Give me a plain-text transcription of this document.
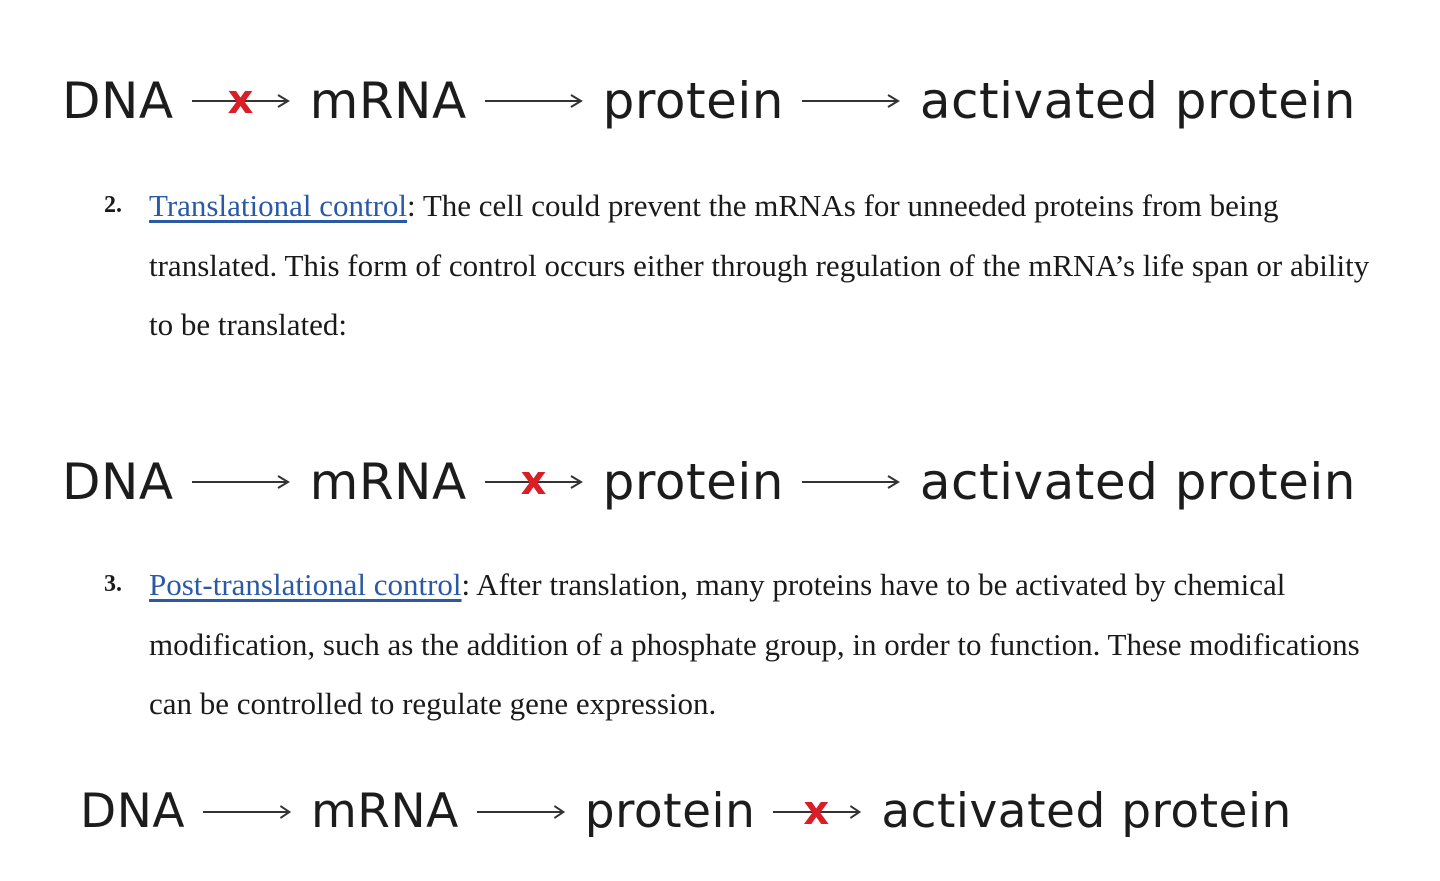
DNA x mRNA	protein	activated protein
2. Translational control: The cell could prevent the mRNAs for unneeded proteins from being translated. This form of control occurs either through regulation of the mRNA’s life span or ability to be translated:
DNA	mRNA x protein	activated protein
3. Post-translational control: After translation, many proteins have to be activated by chemical modification, such as the addition of a phosphate group, in order to function. These modifications can be controlled to regulate gene expression.
DNA	mRNA	protein x activated protein
